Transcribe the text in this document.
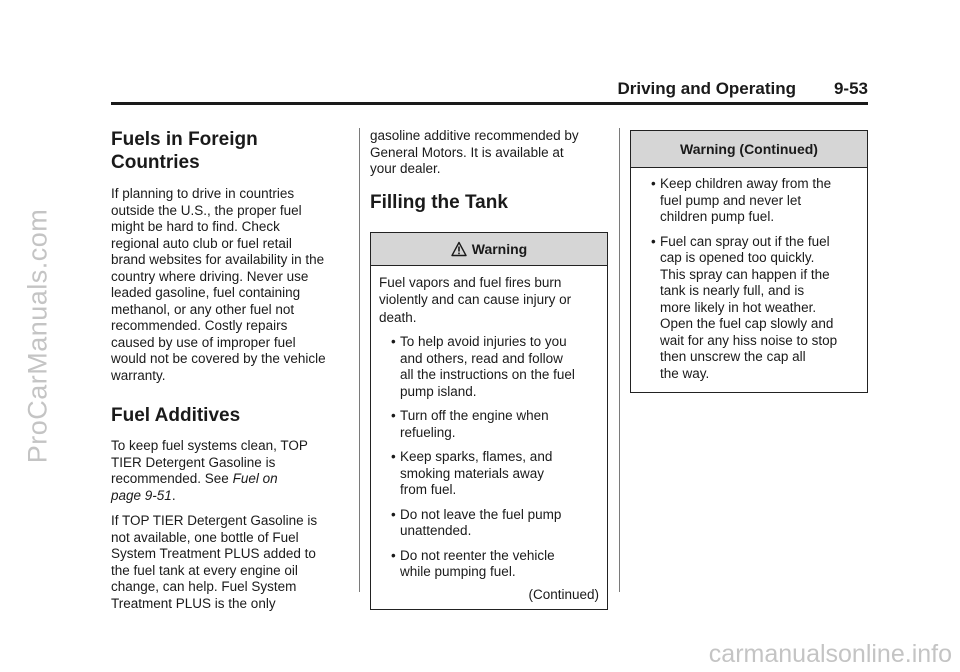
ProCarManuals.com
carmanualsonline.info
Driving and Operating 9-53
Fuels in Foreign
Countries
If planning to drive in countries
outside the U.S., the proper fuel
might be hard to find. Check
regional auto club or fuel retail
brand websites for availability in the
country where driving. Never use
leaded gasoline, fuel containing
methanol, or any other fuel not
recommended. Costly repairs
caused by use of improper fuel
would not be covered by the vehicle
warranty.
Fuel Additives
To keep fuel systems clean, TOP
TIER Detergent Gasoline is
recommended. See Fuel on
page 9-51.
If TOP TIER Detergent Gasoline is
not available, one bottle of Fuel
System Treatment PLUS added to
the fuel tank at every engine oil
change, can help. Fuel System
Treatment PLUS is the only
gasoline additive recommended by
General Motors. It is available at
your dealer.
Filling the Tank
Warning
Fuel vapors and fuel fires burn
violently and can cause injury or
death.
• To help avoid injuries to you
and others, read and follow
all the instructions on the fuel
pump island.
• Turn off the engine when
refueling.
• Keep sparks, flames, and
smoking materials away
from fuel.
• Do not leave the fuel pump
unattended.
• Do not reenter the vehicle
while pumping fuel.
(Continued)
Warning (Continued)
• Keep children away from the
fuel pump and never let
children pump fuel.
• Fuel can spray out if the fuel
cap is opened too quickly.
This spray can happen if the
tank is nearly full, and is
more likely in hot weather.
Open the fuel cap slowly and
wait for any hiss noise to stop
then unscrew the cap all
the way.
